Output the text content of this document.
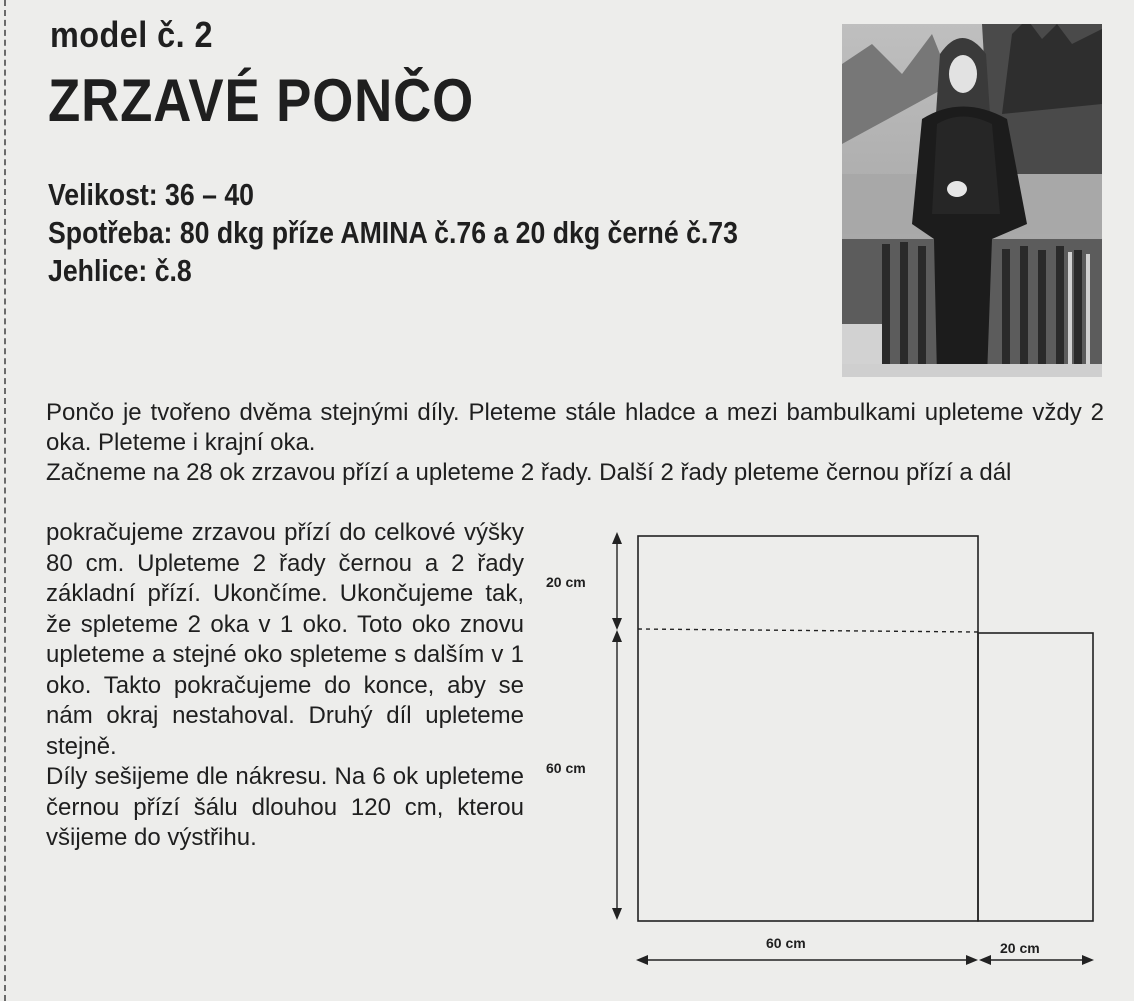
model č. 2
ZRZAVÉ PONČO
Velikost: 36 – 40
Spotřeba: 80 dkg příze AMINA č.76 a 20 dkg černé č.73
Jehlice: č.8

Pončo je tvořeno dvěma stejnými díly. Pleteme stále hladce a mezi bambulkami upleteme vždy 2 oka. Pleteme i krajní oka.

Začneme na 28 ok zrzavou přízí a upleteme 2 řady. Další 2 řady pleteme černou přízí a dál

pokračujeme zrzavou přízí do celkové výšky 80 cm. Upleteme 2 řady černou a 2 řady základní přízí. Ukončíme. Ukončujeme tak, že spleteme 2 oka v 1 oko. Toto oko znovu upleteme a stejné oko spleteme s dalším v 1 oko. Takto pokračujeme do konce, aby se nám okraj nestahoval. Druhý díl upleteme stejně.

Díly sešijeme dle nákresu. Na 6 ok upleteme černou přízí šálu dlouhou 120 cm, kterou všijeme do výstřihu.

20 cm
60 cm
60 cm	20 cm
